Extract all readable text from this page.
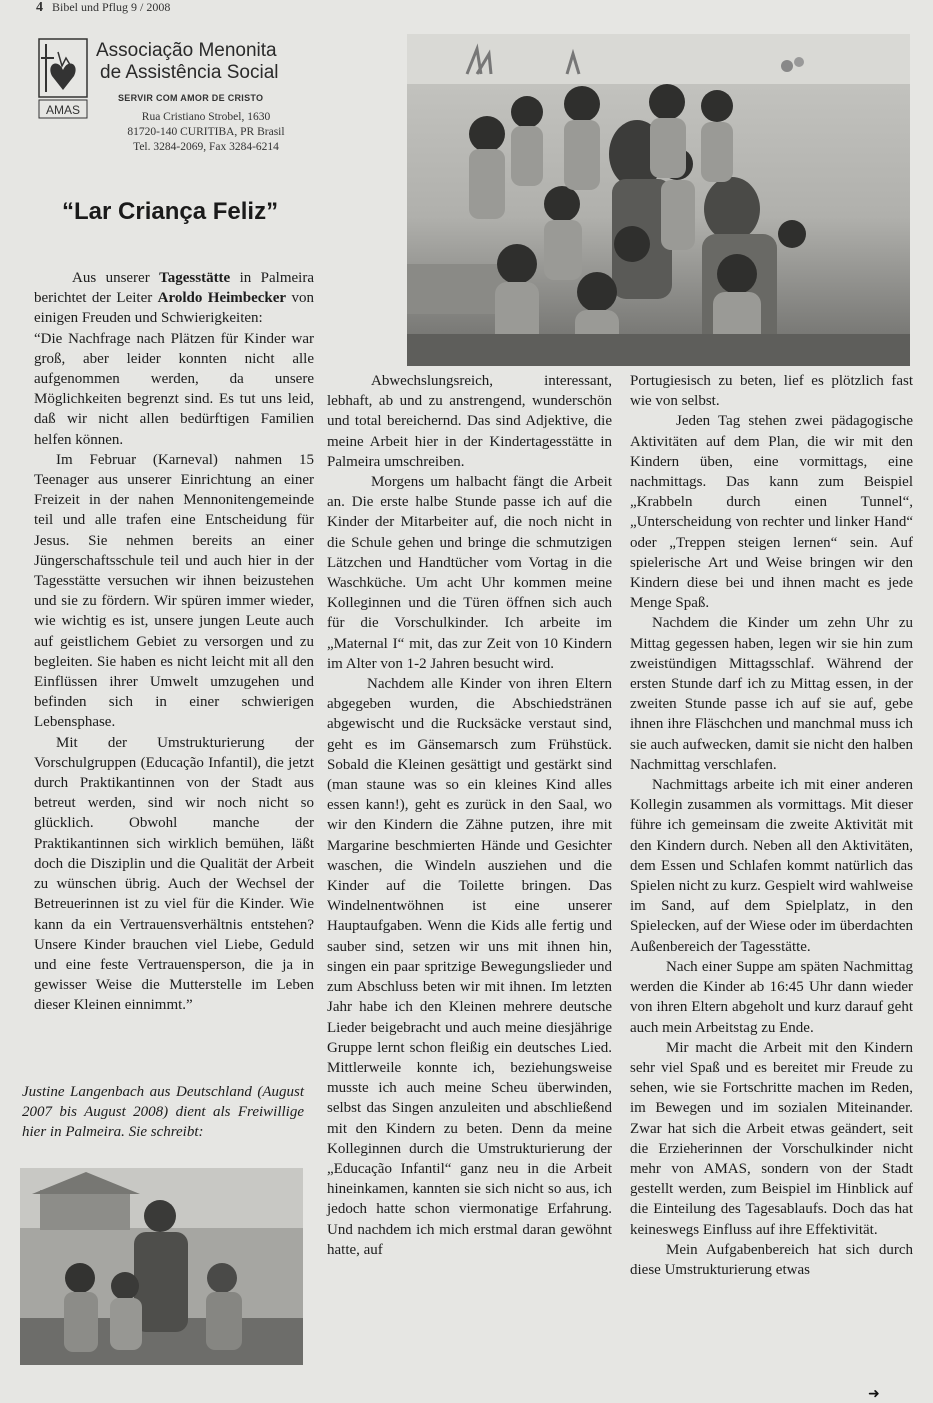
4 Bibel und Pflug 9 / 2008
AMAS
Associação Menonita
de Assistência Social
SERVIR COM AMOR DE CRISTO
Rua Cristiano Strobel, 1630
81720-140 CURITIBA, PR Brasil
Tel. 3284-2069, Fax 3284-6214
“Lar Criança Feliz”

Aus unserer Tagesstätte in Palmeira berichtet der Leiter Aroldo Heimbecker von einigen Freuden und Schwierigkeiten:

“Die Nachfrage nach Plätzen für Kinder war groß, aber leider konnten nicht alle aufgenommen werden, da unsere Möglichkeiten begrenzt sind. Es tut uns leid, daß wir nicht allen bedürftigen Familien helfen können.

Im Februar (Karneval) nahmen 15 Teenager aus unserer Einrichtung an einer Freizeit in der nahen Mennonitengemeinde teil und alle trafen eine Entscheidung für Jesus. Sie nehmen bereits an einer Jüngerschaftsschule teil und auch hier in der Tagesstätte versuchen wir ihnen beizustehen und sie zu fördern. Wir spüren immer wieder, wie wichtig es ist, unsere jungen Leute auch auf geistlichem Gebiet zu versorgen und zu begleiten. Sie haben es nicht leicht mit all den Einflüssen ihrer Umwelt umzugehen und befinden sich in einer schwierigen Lebensphase.

Mit der Umstrukturierung der Vorschulgruppen (Educação Infantil), die jetzt durch Praktikantinnen von der Stadt aus betreut werden, sind wir noch nicht so glücklich. Obwohl manche der Praktikantinnen sich wirklich bemühen, läßt doch die Disziplin und die Qualität der Arbeit zu wünschen übrig. Auch der Wechsel der Betreuerinnen ist zu viel für die Kinder. Wie kann da ein Vertrauensverhältnis entstehen? Unsere Kinder brauchen viel Liebe, Geduld und eine feste Vertrauensperson, die ja in gewisser Weise die Mutterstelle im Leben dieser Kleinen einnimmt.”

Justine Langenbach aus Deutschland (August 2007 bis August 2008) dient als Freiwillige hier in Palmeira. Sie schreibt:

Abwechslungsreich, interessant, lebhaft, ab und zu anstrengend, wunderschön und total bereichernd. Das sind Adjektive, die meine Arbeit hier in der Kindertagesstätte in Palmeira umschreiben.

Morgens um halbacht fängt die Arbeit an. Die erste halbe Stunde passe ich auf die Kinder der Mitarbeiter auf, die noch nicht in die Schule gehen und bringe die schmutzigen Lätzchen und Handtücher vom Vortag in die Waschküche. Um acht Uhr kommen meine Kolleginnen und die Türen öffnen sich auch für die Vorschulkinder. Ich arbeite im „Maternal I“ mit, das zur Zeit von 10 Kindern im Alter von 1-2 Jahren besucht wird.

Nachdem alle Kinder von ihren Eltern abgegeben wurden, die Abschiedstränen abgewischt und die Rucksäcke verstaut sind, geht es im Gänsemarsch zum Frühstück. Sobald die Kleinen gesättigt und gestärkt sind (man staune was so ein kleines Kind alles essen kann!), geht es zurück in den Saal, wo wir den Kindern die Zähne putzen, ihre mit Margarine beschmierten Hände und Gesichter waschen, die Windeln ausziehen und die Kinder auf die Toilette bringen. Das Windelnentwöhnen ist eine unserer Hauptaufgaben. Wenn die Kids alle fertig und sauber sind, setzen wir uns mit ihnen hin, singen ein paar spritzige Bewegungslieder und zum Abschluss beten wir mit ihnen. Im letzten Jahr habe ich den Kleinen mehrere deutsche Lieder beigebracht und auch meine diesjährige Gruppe lernt schon fleißig ein deutsches Lied. Mittlerweile konnte ich, beziehungsweise musste ich auch meine Scheu überwinden, selbst das Singen anzuleiten und abschließend mit den Kindern zu beten. Denn da meine Kolleginnen durch die Umstrukturierung der „Educação Infantil“ ganz neu in die Arbeit hineinkamen, kannten sie sich nicht so aus, ich jedoch hatte schon viermonatige Erfahrung. Und nachdem ich mich erstmal daran gewöhnt hatte, auf

Portugiesisch zu beten, lief es plötzlich fast wie von selbst.

Jeden Tag stehen zwei pädagogische Aktivitäten auf dem Plan, die wir mit den Kindern üben, eine vormittags, eine nachmittags. Das kann zum Beispiel „Krabbeln durch einen Tunnel“, „Unterscheidung von rechter und linker Hand“ oder „Treppen steigen lernen“ sein. Auf spielerische Art und Weise bringen wir den Kindern diese bei und ihnen macht es jede Menge Spaß.

Nachdem die Kinder um zehn Uhr zu Mittag gegessen haben, legen wir sie hin zum zweistündigen Mittagsschlaf. Während der ersten Stunde darf ich zu Mittag essen, in der zweiten Stunde passe ich auf sie auf, gebe ihnen ihre Fläschchen und manchmal muss ich sie auch aufwecken, damit sie nicht den halben Nachmittag verschlafen.

Nachmittags arbeite ich mit einer anderen Kollegin zusammen als vormittags. Mit dieser führe ich gemeinsam die zweite Aktivität mit den Kindern durch. Neben all den Aktivitäten, dem Essen und Schlafen kommt natürlich das Spielen nicht zu kurz. Gespielt wird wahlweise im Sand, auf dem Spielplatz, in den Spielecken, auf der Wiese oder im überdachten Außenbereich der Tagesstätte.

Nach einer Suppe am späten Nachmittag werden die Kinder ab 16:45 Uhr dann wieder von ihren Eltern abgeholt und kurz darauf geht auch mein Arbeitstag zu Ende.

Mir macht die Arbeit mit den Kindern sehr viel Spaß und es bereitet mir Freude zu sehen, wie sie Fortschritte machen im Reden, im Bewegen und im sozialen Miteinander. Zwar hat sich die Arbeit etwas geändert, seit die Erzieherinnen der Vorschulkinder nicht mehr von AMAS, sondern von der Stadt gestellt werden, zum Beispiel im Hinblick auf die Einteilung des Tagesablaufs. Doch das hat keineswegs Einfluss auf ihre Effektivität.

Mein Aufgabenbereich hat sich durch diese Umstrukturierung etwas

➜
